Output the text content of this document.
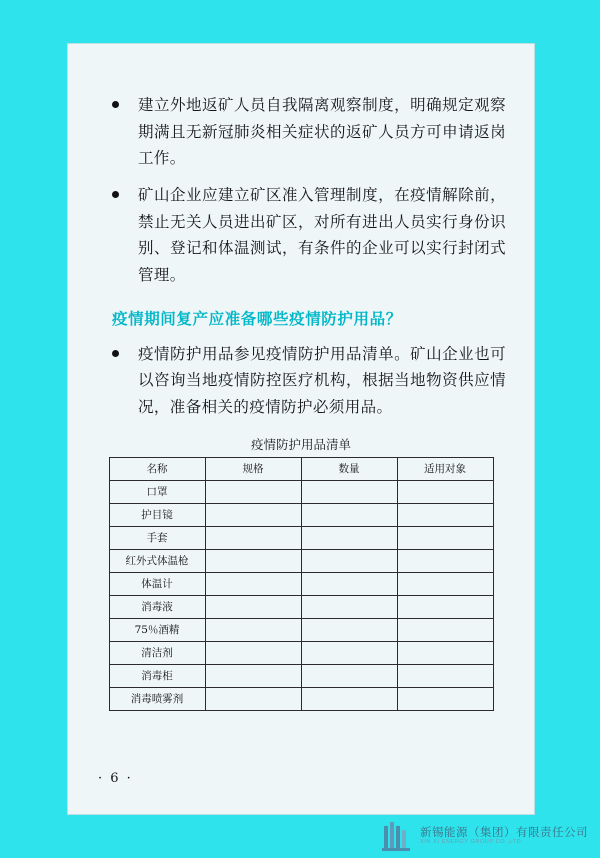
建立外地返矿人员自我隔离观察制度，明确规定观察期满且无新冠肺炎相关症状的返矿人员方可申请返岗工作。
矿山企业应建立矿区准入管理制度，在疫情解除前，禁止无关人员进出矿区，对所有进出人员实行身份识别、登记和体温测试，有条件的企业可以实行封闭式管理。
疫情期间复产应准备哪些疫情防护用品？
疫情防护用品参见疫情防护用品清单。矿山企业也可以咨询当地疫情防控医疗机构，根据当地物资供应情况，准备相关的疫情防护必须用品。
疫情防护用品清单
名称	规格	数量	适用对象
口罩			
护目镜			
手套			
红外式体温枪			
体温计			
消毒液			
75％酒精			
清洁剂			
消毒柜			
消毒喷雾剂			
· 6 ·
新锡能源（集团）有限责任公司
XIN XI ENERGY GROUP CO.,LTD
